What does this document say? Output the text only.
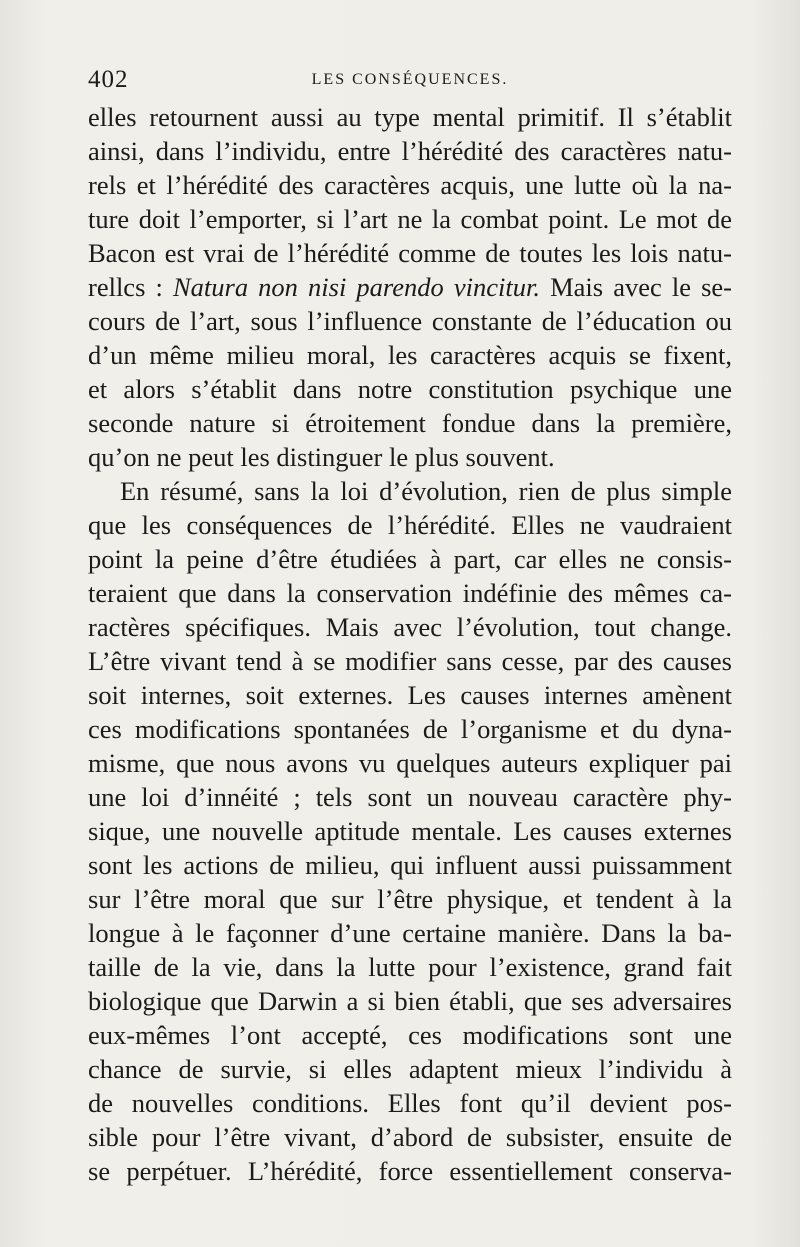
402	LES CONSÉQUENCES.
elles retournent aussi au type mental primitif. Il s’établit
ainsi, dans l’individu, entre l’hérédité des caractères natu-
rels et l’hérédité des caractères acquis, une lutte où la na-
ture doit l’emporter, si l’art ne la combat point. Le mot de
Bacon est vrai de l’hérédité comme de toutes les lois natu-
rellcs : Natura non nisi parendo vincitur. Mais avec le se-
cours de l’art, sous l’influence constante de l’éducation ou
d’un même milieu moral, les caractères acquis se fixent,
et alors s’établit dans notre constitution psychique une
seconde nature si étroitement fondue dans la première,
qu’on ne peut les distinguer le plus souvent.
En résumé, sans la loi d’évolution, rien de plus simple
que les conséquences de l’hérédité. Elles ne vaudraient
point la peine d’être étudiées à part, car elles ne consis-
teraient que dans la conservation indéfinie des mêmes ca-
ractères spécifiques. Mais avec l’évolution, tout change.
L’être vivant tend à se modifier sans cesse, par des causes
soit internes, soit externes. Les causes internes amènent
ces modifications spontanées de l’organisme et du dyna-
misme, que nous avons vu quelques auteurs expliquer pai
une loi d’innéité ; tels sont un nouveau caractère phy-
sique, une nouvelle aptitude mentale. Les causes externes
sont les actions de milieu, qui influent aussi puissamment
sur l’être moral que sur l’être physique, et tendent à la
longue à le façonner d’une certaine manière. Dans la ba-
taille de la vie, dans la lutte pour l’existence, grand fait
biologique que Darwin a si bien établi, que ses adversaires
eux-mêmes l’ont accepté, ces modifications sont une
chance de survie, si elles adaptent mieux l’individu à
de nouvelles conditions. Elles font qu’il devient pos-
sible pour l’être vivant, d’abord de subsister, ensuite de
se perpétuer. L’hérédité, force essentiellement conserva-
